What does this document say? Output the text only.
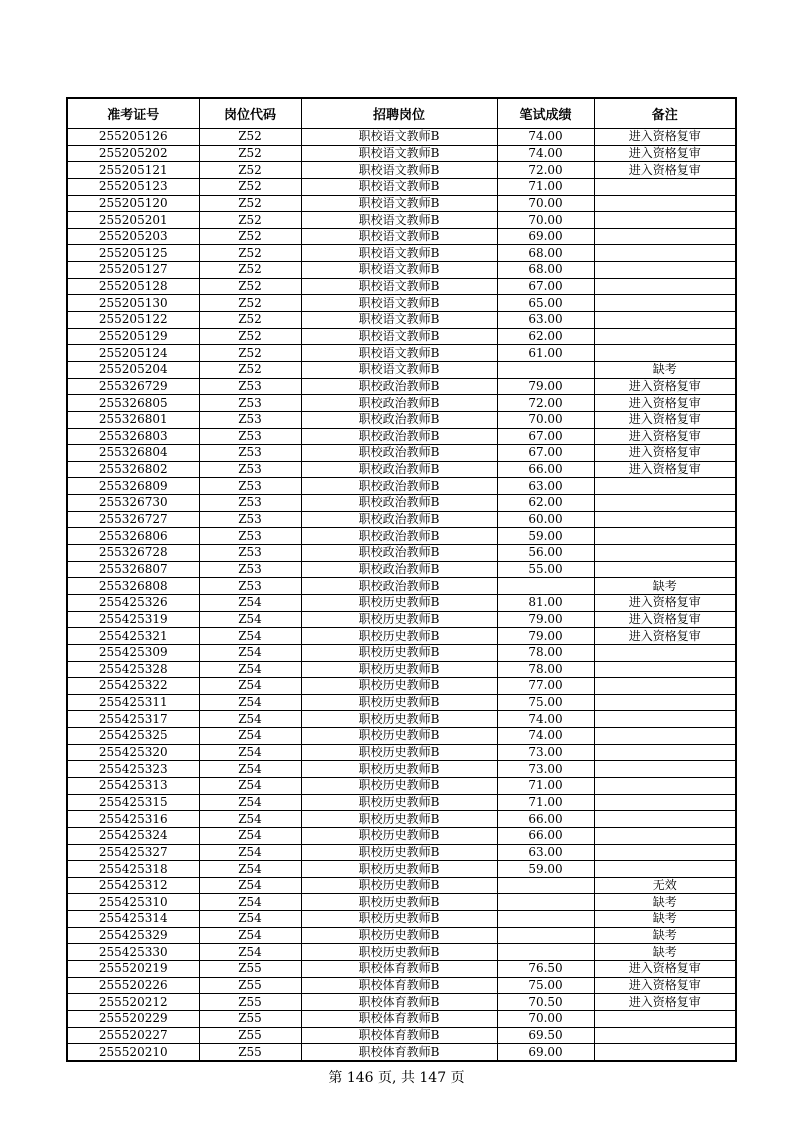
准考证号	岗位代码	招聘岗位	笔试成绩	备注
255205126	Z52	职校语文教师B	74.00	进入资格复审
255205202	Z52	职校语文教师B	74.00	进入资格复审
255205121	Z52	职校语文教师B	72.00	进入资格复审
255205123	Z52	职校语文教师B	71.00	
255205120	Z52	职校语文教师B	70.00	
255205201	Z52	职校语文教师B	70.00	
255205203	Z52	职校语文教师B	69.00	
255205125	Z52	职校语文教师B	68.00	
255205127	Z52	职校语文教师B	68.00	
255205128	Z52	职校语文教师B	67.00	
255205130	Z52	职校语文教师B	65.00	
255205122	Z52	职校语文教师B	63.00	
255205129	Z52	职校语文教师B	62.00	
255205124	Z52	职校语文教师B	61.00	
255205204	Z52	职校语文教师B		缺考
255326729	Z53	职校政治教师B	79.00	进入资格复审
255326805	Z53	职校政治教师B	72.00	进入资格复审
255326801	Z53	职校政治教师B	70.00	进入资格复审
255326803	Z53	职校政治教师B	67.00	进入资格复审
255326804	Z53	职校政治教师B	67.00	进入资格复审
255326802	Z53	职校政治教师B	66.00	进入资格复审
255326809	Z53	职校政治教师B	63.00	
255326730	Z53	职校政治教师B	62.00	
255326727	Z53	职校政治教师B	60.00	
255326806	Z53	职校政治教师B	59.00	
255326728	Z53	职校政治教师B	56.00	
255326807	Z53	职校政治教师B	55.00	
255326808	Z53	职校政治教师B		缺考
255425326	Z54	职校历史教师B	81.00	进入资格复审
255425319	Z54	职校历史教师B	79.00	进入资格复审
255425321	Z54	职校历史教师B	79.00	进入资格复审
255425309	Z54	职校历史教师B	78.00	
255425328	Z54	职校历史教师B	78.00	
255425322	Z54	职校历史教师B	77.00	
255425311	Z54	职校历史教师B	75.00	
255425317	Z54	职校历史教师B	74.00	
255425325	Z54	职校历史教师B	74.00	
255425320	Z54	职校历史教师B	73.00	
255425323	Z54	职校历史教师B	73.00	
255425313	Z54	职校历史教师B	71.00	
255425315	Z54	职校历史教师B	71.00	
255425316	Z54	职校历史教师B	66.00	
255425324	Z54	职校历史教师B	66.00	
255425327	Z54	职校历史教师B	63.00	
255425318	Z54	职校历史教师B	59.00	
255425312	Z54	职校历史教师B		无效
255425310	Z54	职校历史教师B		缺考
255425314	Z54	职校历史教师B		缺考
255425329	Z54	职校历史教师B		缺考
255425330	Z54	职校历史教师B		缺考
255520219	Z55	职校体育教师B	76.50	进入资格复审
255520226	Z55	职校体育教师B	75.00	进入资格复审
255520212	Z55	职校体育教师B	70.50	进入资格复审
255520229	Z55	职校体育教师B	70.00	
255520227	Z55	职校体育教师B	69.50	
255520210	Z55	职校体育教师B	69.00	
第 146 页, 共 147 页
